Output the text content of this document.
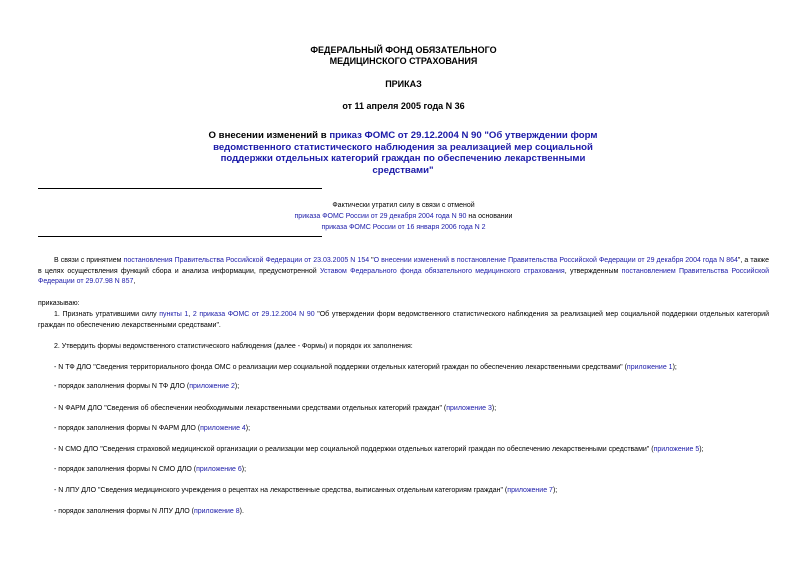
ФЕДЕРАЛЬНЫЙ ФОНД ОБЯЗАТЕЛЬНОГО
МЕДИЦИНСКОГО СТРАХОВАНИЯ
ПРИКАЗ
от 11 апреля 2005 года N 36
О внесении изменений в приказ ФОМС от 29.12.2004 N 90 "Об утверждении форм ведомственного статистического наблюдения за реализацией мер социальной поддержки отдельных категорий граждан по обеспечению лекарственными средствами"
Фактически утратил силу в связи с отменой
приказа ФОМС России от 29 декабря 2004 года N 90 на основании
приказа ФОМС России от 16 января 2006 года N 2
В связи с принятием постановления Правительства Российской Федерации от 23.03.2005 N 154 "О внесении изменений в постановление Правительства Российской Федерации от 29 декабря 2004 года N 864", а также в целях осуществления функций сбора и анализа информации, предусмотренной Уставом Федерального фонда обязательного медицинского страхования, утвержденным постановлением Правительства Российской Федерации от 29.07.98 N 857,
приказываю:
1. Признать утратившими силу пункты 1, 2 приказа ФОМС от 29.12.2004 N 90 "Об утверждении форм ведомственного статистического наблюдения за реализацией мер социальной поддержки отдельных категорий граждан по обеспечению лекарственными средствами".
2. Утвердить формы ведомственного статистического наблюдения (далее - Формы) и порядок их заполнения:
- N ТФ ДЛО "Сведения территориального фонда ОМС о реализации мер социальной поддержки отдельных категорий граждан по обеспечению лекарственными средствами" (приложение 1);
- порядок заполнения формы N ТФ ДЛО (приложение 2);
- N ФАРМ ДЛО "Сведения об обеспечении необходимыми лекарственными средствами отдельных категорий граждан" (приложение 3);
- порядок заполнения формы N ФАРМ ДЛО (приложение 4);
- N СМО ДЛО "Сведения страховой медицинской организации о реализации мер социальной поддержки отдельных категорий граждан по обеспечению лекарственными средствами" (приложение 5);
- порядок заполнения формы N СМО ДЛО (приложение 6);
- N ЛПУ ДЛО "Сведения медицинского учреждения о рецептах на лекарственные средства, выписанных отдельным категориям граждан" (приложение 7);
- порядок заполнения формы N ЛПУ ДЛО (приложение 8).
